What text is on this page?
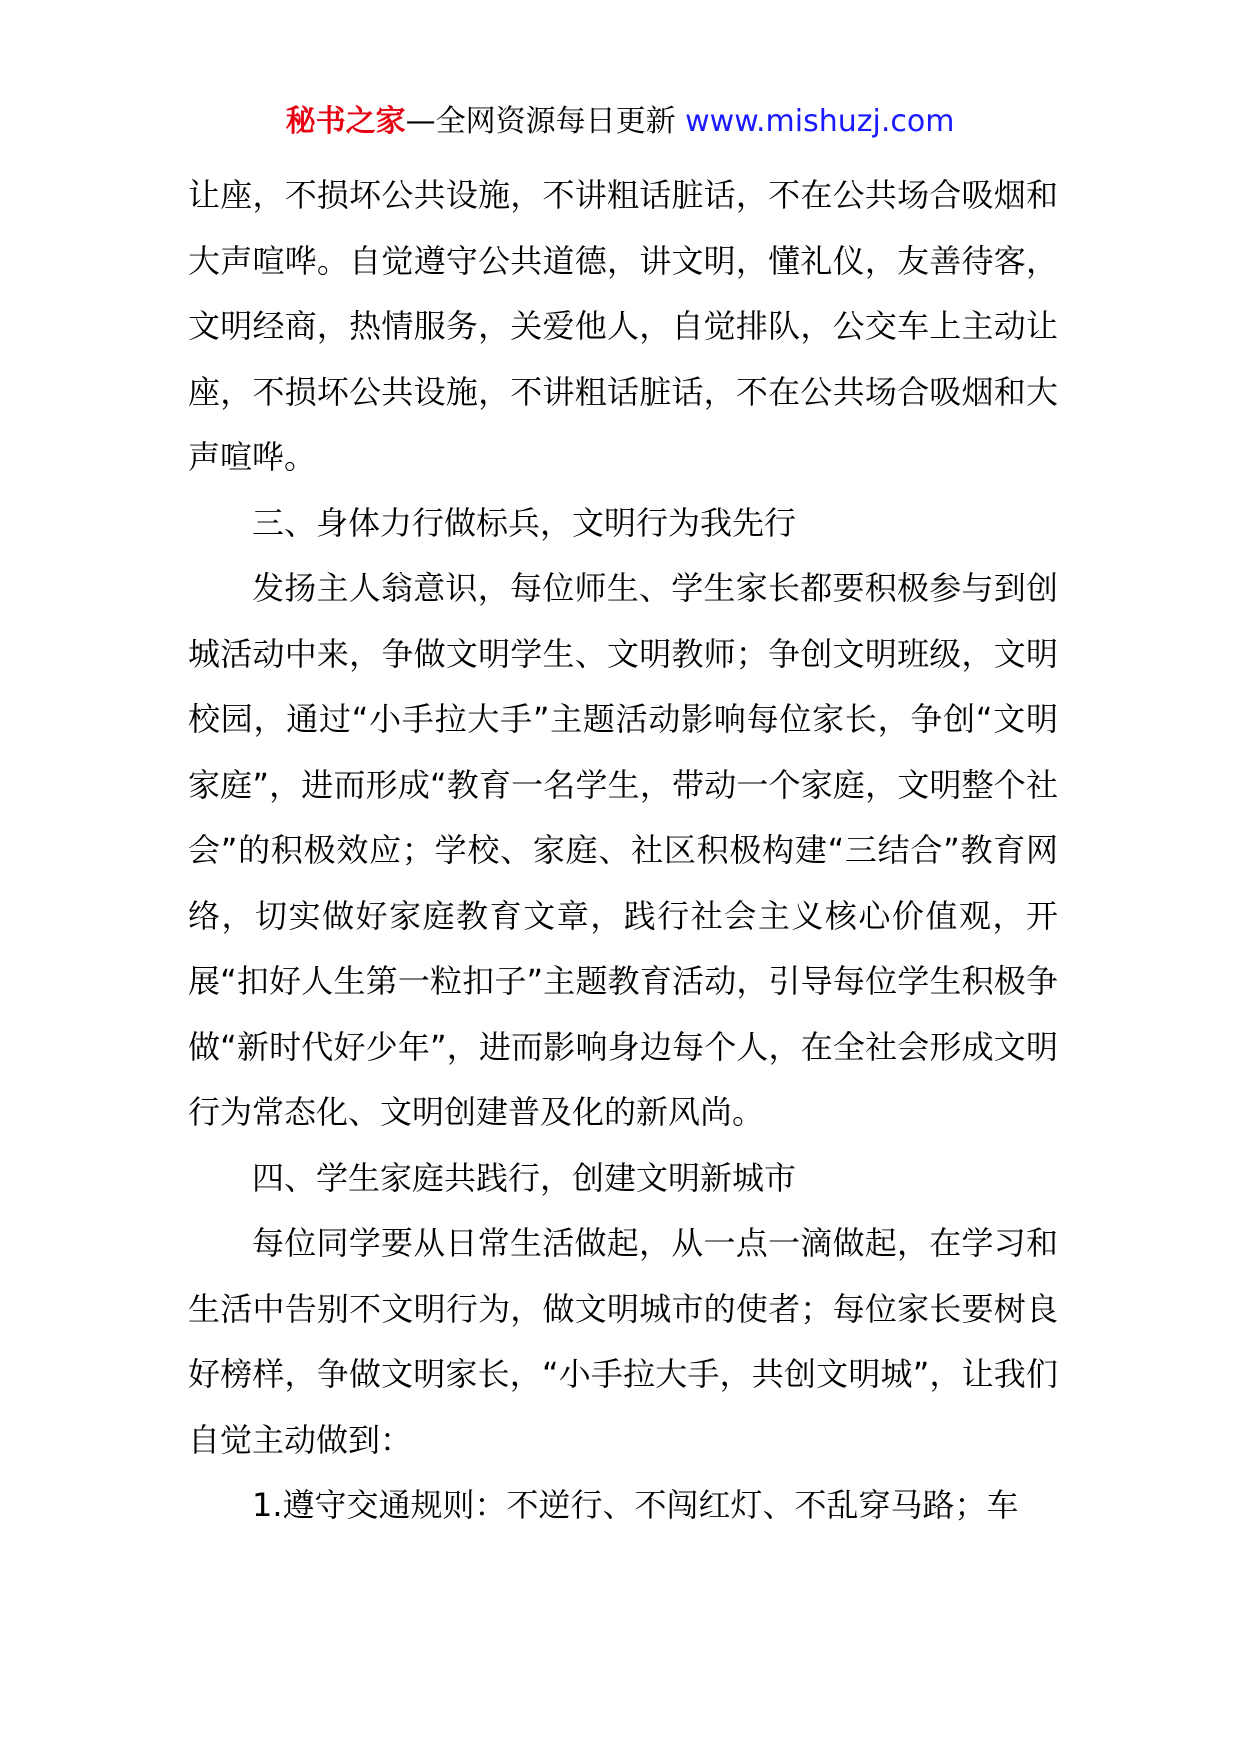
秘书之家—全网资源每日更新 www.mishuzj.com

让座，不损坏公共设施，不讲粗话脏话，不在公共场合吸烟和大声喧哗。自觉遵守公共道德，讲文明，懂礼仪，友善待客，文明经商，热情服务，关爱他人，自觉排队，公交车上主动让座，不损坏公共设施，不讲粗话脏话，不在公共场合吸烟和大声喧哗。

三、身体力行做标兵，文明行为我先行

发扬主人翁意识，每位师生、学生家长都要积极参与到创城活动中来，争做文明学生、文明教师；争创文明班级，文明校园，通过“小手拉大手”主题活动影响每位家长，争创“文明家庭”，进而形成“教育一名学生，带动一个家庭，文明整个社会”的积极效应；学校、家庭、社区积极构建“三结合”教育网络，切实做好家庭教育文章，践行社会主义核心价值观，开展“扣好人生第一粒扣子”主题教育活动，引导每位学生积极争做“新时代好少年”，进而影响身边每个人，在全社会形成文明行为常态化、文明创建普及化的新风尚。

四、学生家庭共践行，创建文明新城市

每位同学要从日常生活做起，从一点一滴做起，在学习和生活中告别不文明行为，做文明城市的使者；每位家长要树良好榜样，争做文明家长，“小手拉大手，共创文明城”，让我们自觉主动做到：

1.遵守交通规则：不逆行、不闯红灯、不乱穿马路；车
